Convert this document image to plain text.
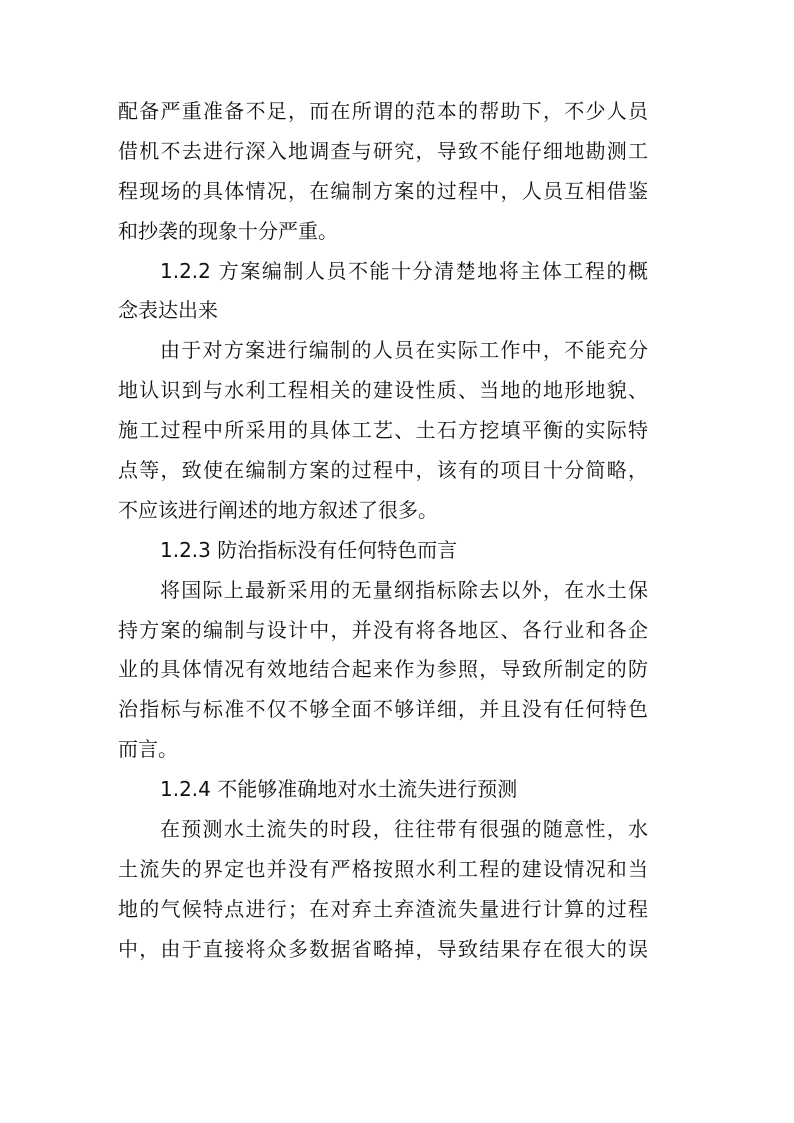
配备严重准备不足，而在所谓的范本的帮助下，不少人员
借机不去进行深入地调查与研究，导致不能仔细地勘测工
程现场的具体情况，在编制方案的过程中，人员互相借鉴
和抄袭的现象十分严重。
1.2.2 方案编制人员不能十分清楚地将主体工程的概
念表达出来
由于对方案进行编制的人员在实际工作中，不能充分
地认识到与水利工程相关的建设性质、当地的地形地貌、
施工过程中所采用的具体工艺、土石方挖填平衡的实际特
点等，致使在编制方案的过程中，该有的项目十分简略，
不应该进行阐述的地方叙述了很多。
1.2.3 防治指标没有任何特色而言
将国际上最新采用的无量纲指标除去以外，在水土保
持方案的编制与设计中，并没有将各地区、各行业和各企
业的具体情况有效地结合起来作为参照，导致所制定的防
治指标与标准不仅不够全面不够详细，并且没有任何特色
而言。
1.2.4 不能够准确地对水土流失进行预测
在预测水土流失的时段，往往带有很强的随意性，水
土流失的界定也并没有严格按照水利工程的建设情况和当
地的气候特点进行；在对弃土弃渣流失量进行计算的过程
中，由于直接将众多数据省略掉，导致结果存在很大的误
